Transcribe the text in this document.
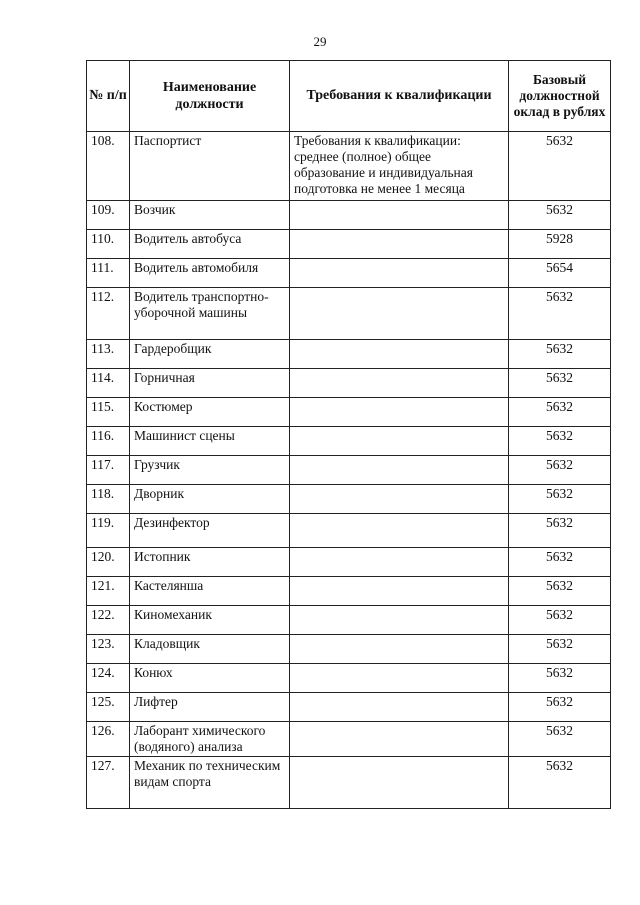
29
№ п/п	Наименование должности	Требования к квалификации	Базовый должностной оклад в рублях
108.	Паспортист	Требования к квалификации: среднее (полное) общее образование и индивидуальная подготовка не менее 1 месяца	5632
109.	Возчик		5632
110.	Водитель автобуса		5928
111.	Водитель автомобиля		5654
112.	Водитель транспортно-уборочной машины		5632
113.	Гардеробщик		5632
114.	Горничная		5632
115.	Костюмер		5632
116.	Машинист сцены		5632
117.	Грузчик		5632
118.	Дворник		5632
119.	Дезинфектор		5632
120.	Истопник		5632
121.	Кастелянша		5632
122.	Киномеханик		5632
123.	Кладовщик		5632
124.	Конюх		5632
125.	Лифтер		5632
126.	Лаборант химического (водяного) анализа		5632
127.	Механик по техническим видам спорта		5632
